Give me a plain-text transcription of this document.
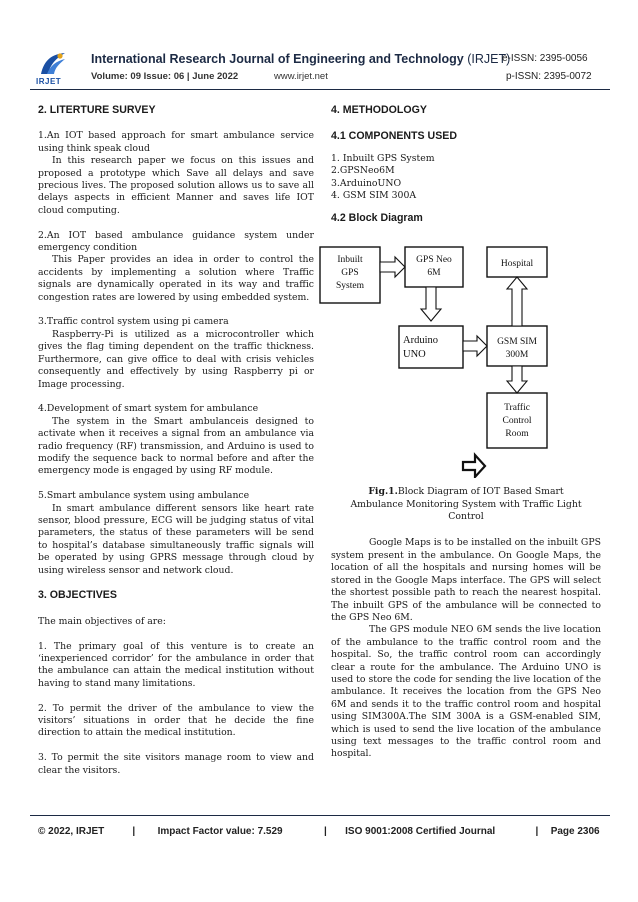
IRJET
International Research Journal of Engineering and Technology (IRJET)
e-ISSN: 2395-0056
Volume: 09 Issue: 06 | June 2022	www.irjet.net	p-ISSN: 2395-0072
2. LITERTURE SURVEY

1.An IOT based approach for smart ambulance service using think speak cloud
In this research paper we focus on this issues and proposed a prototype which Save all delays and save precious lives. The proposed solution allows us to save all delays aspects in efficient Manner and saves life IOT cloud computing.

2.An IOT based ambulance guidance system under emergency condition
This Paper provides an idea in order to control the accidents by implementing a solution where Traffic signals are dynamically operated in its way and traffic congestion rates are lowered by using embedded system.

3.Traffic control system using pi camera
Raspberry-Pi is utilized as a microcontroller which gives the flag timing dependent on the traffic thickness. Furthermore, can give office to deal with crisis vehicles consequently and effectively by using Raspberry pi or Image processing.

4.Development of smart system for ambulance
The system in the Smart ambulanceis designed to activate when it receives a signal from an ambulance via radio frequency (RF) transmission, and Arduino is used to modify the sequence back to normal before and after the emergency mode is engaged by using RF module.

5.Smart ambulance system using ambulance
In smart ambulance different sensors like heart rate sensor, blood pressure, ECG will be judging status of vital parameters, the status of these parameters will be send to hospital’s database simultaneously traffic signals will be operated by using GPRS message through cloud by using wireless sensor and network cloud.

3. OBJECTIVES

The main objectives of are:

1. The primary goal of this venture is to create an ‘inexperienced corridor’ for the ambulance in order that the ambulance can attain the medical institution without having to stand many limitations.

2. To permit the driver of the ambulance to view the visitors’ situations in order that he decide the fine direction to attain the medical institution.

3. To permit the site visitors manage room to view and clear the visitors.

4. METHODOLOGY
4.1 COMPONENTS USED
1. Inbuilt GPS System
2.GPSNeo6M
3.ArduinoUNO
4. GSM SIM 300A
4.2 Block Diagram
Inbuilt
GPS
System
GPS Neo
6M
Hospital
Arduino
UNO
GSM SIM
300M
Traffic
Control
Room
Fig.1.Block Diagram of IOT Based Smart Ambulance Monitoring System with Traffic Light Control

Google Maps is to be installed on the inbuilt GPS system present in the ambulance. On Google Maps, the location of all the hospitals and nursing homes will be stored in the Google Maps interface. The GPS will select the shortest possible path to reach the nearest hospital. The inbuilt GPS of the ambulance will be connected to the GPS Neo 6M.

The GPS module NEO 6M sends the live location of the ambulance to the traffic control room and the hospital. So, the traffic control room can accordingly clear a route for the ambulance. The Arduino UNO is used to store the code for sending the live location of the ambulance. It receives the location from the GPS Neo 6M and sends it to the traffic control room and hospital using SIM300A.The SIM 300A is a GSM-enabled SIM, which is used to send the live location of the ambulance using text messages to the traffic control room and hospital.

© 2022, IRJET	| Impact Factor value: 7.529	| ISO 9001:2008 Certified Journal	| Page 2306
